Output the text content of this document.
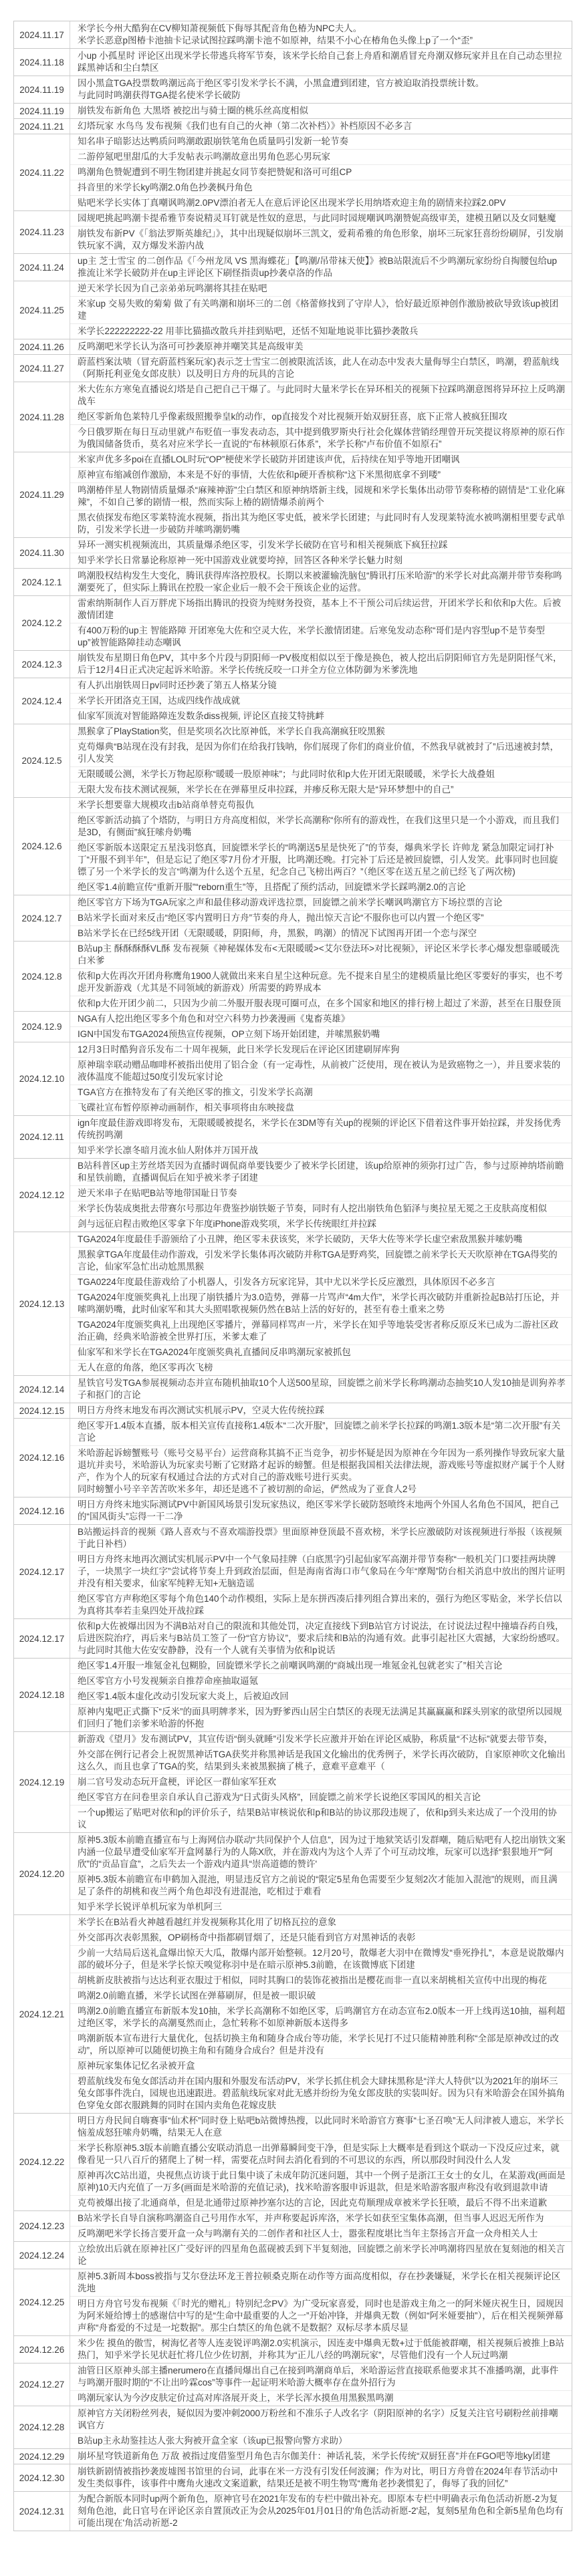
2024.11.17
米学长今州大酷狗在CV柳知萧视频低下侮辱其配音角色椿为NPC夫人。
米学长恶意p图椿卡池抽卡记录试图拉踩鸣潮卡池不如原神，结果不小心在椿角色头像上p了一个“歪”
2024.11.18
小up 小孤星时 评论区出现米学长带逃兵将军节奏，该米学长给自己套上舟盾和潮盾冒充舟潮双修玩家并且在自己动态里拉踩黑神话和尘白禁区
2024.11.19
因小黑盒TGA投票数鸣潮远高于绝区零引发米学长不满，小黑盒遭到团建，官方被迫取消投票统计数。
与此同时鸣潮获得TGA提名使米学长破防
2024.11.19	崩铁发布新角色 大黑塔 被挖出与骑士圈的桃乐丝高度相似
2024.11.21	幻塔玩家 水鸟鸟 发布视频《我们也有自己的火神（第二次补档）》补档原因不必多言
2024.11.22
知名串子暗影达达鸭质问鸣潮敢跟崩铁笔角色质量吗引发新一轮节奏
二游停氪吧里甜瓜的大手发帖表示鸣潮故意出男角色恶心男玩家
鸣潮角色赞妮遭到不明生物团建并挑起女同节奏把赞妮和洛可可组CP
抖音里的米学长ky鸣潮2.0角色抄袭枫丹角色
贴吧米学长实体丁真嘲讽鸣潮2.0PV漂泊者无人在意后评论区出现米学长用纳塔欢迎主角的剧情来拉踩2.0PV
2024.11.23
园规吧挑起鸣潮卡提希雅节奏说精灵耳钉就是性奴的意思，与此同时园规嘲讽鸣潮赞妮高级审美，建模丑陋以及女同魅魔
崩铁发布新PV《「翁法罗斯英雄纪」》，其中出现疑似崩坏三凯文，爱莉希雅的角色形象，崩坏三玩家狂喜纷纷刷屏，引发崩铁玩家不满，双方爆发米游内战
2024.11.24
up主 芝士雪宝 的二创作品《「今州龙凤 VS 黑海蝶花」【鸣潮/吊带袜天使】》被B站限流后不少鸣潮玩家纷纷自掏腰包给up推流让米学长破防并在up主评论区下刷怪指责up抄袭卓洛的作品
2024.11.25
逆天米学长因为自己亲弟弟玩鸣潮将其挂在贴吧
米家up 交易失败的菊菊 做了有关鸣潮和崩坏三的二创《格蕾修找到了守岸人》，恰好最近原神创作激励被砍导致该up被团建
米学长222222222-22 用菲比猫描改散兵并挂到贴吧，还恬不知耻地说菲比猫抄袭散兵
2024.11.26	反鸣潮吧米学长认为洛可可抄袭原神并嘲笑其是高级审美
2024.11.27
蔚蓝档案汰啧（冒充蔚蓝档案玩家)表示芝士雪宝二创被限流活该，此人在动态中发表大量侮辱尘白禁区，鸣潮，碧蓝航线（阿斯托利亚兔女郎皮肤）以及明日方舟的玩具的言论
2024.11.28
米大佐东方寒兔直播说幻塔是自己把自己干爆了。与此同时大量米学长在异环相关的视频下拉踩鸣潮意图将异环拉上反鸣潮战车
绝区零新角色莱特几乎像素级照搬拳皇k的动作，op直接发个对比视频开始双厨狂喜，底下正常人被疯狂围攻
今日俄罗斯在每日互动里就卢布贬值一事发表动态，其中提到俄罗斯央行社会化媒体营销经理曾开玩笑提议将原神的原石作为俄国储备货币，莫名对应米学长一直说的“布林顿原石体系”，米学长称“卢布价值不如原石”
2024.11.29
米家声优多多poi在直播LOL时玩“OP”梗使米学长破防并团建该声优，后持续在知乎等地开团嘲讽
原神宣布缩减创作激励，本来是不好的事情，大佐依和p硬开香槟称“这下米黑彻底拿不到喽”
鸣潮椿伴星人物剧情质量爆杀“麻辣神游”尘白禁区和原神纳塔新主线，园规和米学长集体出动带节奏称椿的剧情是“工业化麻辣”，不如自己爹的剧情一根，然而实际上椿的剧情爆杀前两个
黑衣侦探发布绝区零莱特流水视频，指出其为绝区零史低，被米学长团建；与此同时有人发现莱特流水被鸣潮相里要专武单防，引发米学长进一步破防并嗦鸣潮奶嘴
2024.11.30
异环一测实机视频流出，其质量爆杀绝区零，引发米学长破防在官号和相关视频底下疯狂拉踩
知乎米学长日常暴论称原神一死中国游戏业就要垮掉，回答区各种米学长魅力时刻
2024.12.1
鸣潮股权结构发生大变化，腾讯获得库洛控股权。长期以来被灌输洗脑包“腾讯打压米哈游”的米学长对此高潮并带节奏称鸣潮要死了，但实际上腾讯在控股一家企业后一般不会干预该企业的运营。
2024.12.2
雷索纳斯制作人百万胖虎下场指出腾讯的投资为纯财务投资，基本上不干预公司后续运营，开团米学长和依和p大佐。后被激情团建
有400万粉的up主 智能路障 开团寒兔大佐和空灵大佐，米学长激情团建。后寒兔发动态称“哥们是内容型up不是节奏型up”被智能路障挂动态嘲讽
2024.12.3
崩铁发布星期日角色PV，其中多个片段与阴阳师一PV极度相似以至于像是换色，被人挖出后阴阳师官方先是阴阳怪气米，后于12月4日正式决定起诉米哈游。米学长传统反咬一口并全方位立体防御为米爹洗地
2024.12.4
有人扒出崩铁周日pv同时还抄袭了第五人格某分镜
米学长开团洛克王国，达成四线作战成就
仙家军顶流对智能路障连发数条diss视频, 评论区直接艾特挑衅
2024.12.5
黑猴拿了PlayStation奖，但是奖项名次比原神低，米学长自我高潮疯狂咬黑猴
克苟爆典“B站现在没有封我，是因为你们在给我打钱呐，你们展现了你们的商业价值，不然我早就被封了”后迅速被封禁，引人发笑
无限暖暖公测，米学长万物起原称“暖暖一股原神味”；与此同时依和p大佐开团无限暖暖，米学长大战叠姐
无限大发布技术测试视频，米学长在在弹幕里反串拉踩，并瘆反称无限大是“异环梦想中的自己”
2024.12.6
米学长想要靠大规模攻击b站商单替克苟报仇
绝区零新活动搞了个塔防，与明日方舟高度相似，米学长高潮称“你所有的游戏性，在我们这里只是一个小游戏，而且我们是3D，有侧面”疯狂嗦舟奶嘴
绝区零新版本送限定五星浅羽悠真，回旋镖米学长的“鸣潮送5星是快死了”的节奏，爆典米学长 许帅龙 紧急加限定词打补丁“开服不到半年”，但是忘记了绝区零7月份才开服，比鸣潮还晚。打完补丁后还是被回旋镖，引人发笑。此事同时也回旋镖了另一个米学长的发言“鸣潮为什么送个五星，纪念自己飞榜出两百？”（绝区零在送五星之前已经飞了两次榜)
绝区零1.4前瞻宣传“重新开服”“reborn重生”等，且搭配了预约活动，回旋镖米学长踩鸣潮2.0的言论
2024.12.7
绝区零官方下场为TGA玩家之声和最佳移动游戏评选拉票，回旋镖之前米学长嘲讽鸣潮官方下场拉票的言论
B站米学长面对来反击“绝区零内置明日方舟”节奏的舟人，抛出惊天言论“不服你也可以内置一个绝区零”
B站米学长在已经5线开团（无限暖暖，阴阳师，舟，黑猴，鸣潮）的情况下试图再开团一个恋与深空
2024.12.8
B站up主 酥酥酥酥VL酥 发布视频《神秘媒体发布<无限暖暖><艾尔登法环>对比视频》，评论区米学长孝心爆发想靠暖暖洗白米爹
依和p大佐再次开团舟称鹰角1900人就做出来来自星尘这种玩意。先不提来自星尘的建模质量比绝区零要好的事实，也不考虑开发新游戏（尤其是不同领域的新游戏）所需要的跨界成本
依和p大佐开团少前二，只因为少前二外服开服表现可圈可点，在多个国家和地区的排行榜上超过了米游，甚至在日服登顶
2024.12.9
NGA有人挖出绝区零多个角色和对空六科势力抄袭漫画《鬼畜英雄》
IGN中国发布TGA2024预热宣传视频，OP立刻下场开始团建，并嗦黑猴奶嘴
2024.12.10
12月3日时酷狗音乐发布二十周年视频，此日米学长发现后在评论区团建刷屏库狗
原神瑞幸联动赠品咖啡杯被指出使用了铝合金（有一定毒性，从前被广泛使用，现在被认为是致癌物之一），并且要求装的液体温度不能超过50度引发玩家讨论
TGA官方在推特发布了有关绝区零的推文，引发米学长高潮
飞碟社宣布暂停原神动画制作，相关事项将由东映接盘
2024.12.11
ign年度最佳游戏即将发布，无限暖暖被提名，米学长在3DM等有关up的视频的评论区下借着这件事开始拉踩，并发扬优秀传统拐鸣潮
知乎米学长凛冬暗月流水仙人附体并万国开战
2024.12.12
B站科普区up主芳丝塔芙因为直播时调侃商单要钱要少了被米学长团建，该up给原神的须弥打过广告，参与过原神纳塔前瞻和星铁前瞻，直播调侃后在知乎被米孝子团建
逆天米串子在贴吧B站等地带国耻日节奏
米学长伪装成奥批去带赛尔号那边年费鉴抄崩铁姬子节奏，同时有人挖出崩铁角色貊泽与奥拉星无冕之王皮肤高度相似
剑与远征启程击败绝区零拿下年度iPhone游戏奖项，米学长传统眼红并拉踩
2024.12.13
TGA2024年度最佳手游颁给了小丑牌，绝区零未获该奖，米学长破防，天华大佐等米学长虚空索敌黑猴并嗦奶嘴
黑猴拿TGA年度最佳动作游戏，引发米学长集体再次破防并称TGA是野鸡奖，回旋镖之前米学长天天吹原神在TGA得奖的言论，仙家军急忙出动尬黑黑猴
TGA0224年度最佳游戏给了小机器人，引发各方玩家诧异，其中尤以米学长反应激烈，具体原因不必多言
TGA2024年度颁奖典礼上出现了崩铁播片为3.0造势，弹幕一片骂声“4m大作”，米学长再次破防并重新捡起B站打压论，并嗦鸣潮奶嘴，此时仙家军和其大头照唱歌视频仍然在B站上活的好好的，甚至有卷土重来之势
TGA2024年度颁奖典礼上出现绝区零播片，弹幕同样骂声一片，米学长在知乎等地装受害者称反原反米已成为二游社区政治正确，经典米哈游被全世界打压，米爹太难了
仙家军和米学长在TGA2024年度颁奖典礼直播间反串鸣潮玩家被抓包
无人在意的角落，绝区零再次飞榜
2024.12.14
星铁官号发TGA参展视频动态并宣布随机抽取10个人送500星琼，回旋镖之前米学长称鸣潮动态抽奖10人发10抽是训狗养孝子和抠门的言论
2024.12.15	明日方舟终末地发布再次测试实机展示PV，空灵大佐传统拉踩
2024.12.16
绝区零开1.4版本直播，版本相关宣传直接称1.4版本“二次开服”，回旋镖之前米学长拉踩的鸣潮1.3版本是“第二次开服”有关言论
米哈游起诉螃蟹账号（账号交易平台）运营商称其搞不正当竞争，初步怀疑是因为原神在今年因为一系列操作导致玩家大量退坑并卖号，米哈游认为玩家卖号断了它财路才起诉的螃蟹。但是根据我国相关法律法规，游戏账号等虚拟财产属于个人财产，作为个人的玩家有权通过合法的方式对自己的游戏账号进行买卖。
同时螃蟹小号辛辛苦苦吹米多年，却还是逃不了被切割的命运，俨然成为了亚食人2号
2024.12.16
明日方舟终末地实际测试PV中新国风场景引发玩家热议，绝区零米学长破防怒喷终末地两个外国人名角色不国风，把自己的“国风街头”忘得一干二净
2024.12.17
B站搬运抖音的视频《路人喜欢与不喜欢端游投票》里面原神登顶最不喜欢榜，米学长应激破防对该视频进行举报（该视频于此日补档）
明日方舟终末地再次测试实机展示PV中一个气象局挂牌（白底黑字)引起仙家军高潮并带节奏称“一般机关门口要挂两块牌子，一块黑字一块红字”尝试将节奏上升到政治层面，但是海南省海口市气象局在今年“摩羯”防台相关消息中放出的图片证明并没有相关要求，仙家军纯粹无知+无脑造谣
绝区零官方声称绝区零每个角色140个动作模组，实际上是东拼西凑后排列组合算出来的，强行为绝区零贴金，米学长信以为真将其奉若圭臬四处开战拉踩
2024.12.17
依和p大佐被爆出因为不满B站对自己的限流和其他处罚，决定直接线下到B站官方讨说法，在讨说法过程中撞墙吞药自残，后进医院治疗，再后来与B站员工签了一份“官方协议”，要求后续和B站的沟通有效。此事引起社区大震撼，大家纷纷感叹。与此同时其他大佐安安静静，没有一个人就有关事情为依和p说话
2024.12.18
绝区零1.4开服一堆氪金礼包糊脸，回旋镖米学长之前嘲讽鸣潮的“商城出现一堆氪金礼包就老实了”相关言论
绝区零官方小号发视频亲自推荐命座抽取逼氪
绝区零1.4版本虚化改动引发玩家大炎上，后被迫改回
原神内鬼吧正式撕下“反米”的面具明牌孝米，因为野爹西山居尘白禁区的表现无法满足其赢赢赢和踩头别家的欲望所以园规们回归了牠们亲爹米哈游的怀抱
2024.12.19
新游戏《望月》发布测试PV，其宣传语“倒头就睡”引发米学长应激并开始在评论区威胁，称质量“不达标”就要去带节奏，
外交部在例行记者会上祝贺黑神话TGA获奖并称黑神话是我国文化输出的优秀例子，米学长再次破防，自家原神吹文化输出这么久，而且也拿了TGA的奖，结果到头来被黑猴摘了桃子，意难平意难平（
崩二官号发动态玩开盒梗，评论区一群仙家军狂欢
绝区零官方在问卷里亲自承认自己游戏为“日式街头风格”，回旋镖之前米学长说绝区零国风的相关言论
一个up搬运了贴吧对依和p的评价乐子，结果B站审核说依和p和B站的协议那段违规了，依和p到头来达成了一个没用的协议
2024.12.20
原神5.3版本前瞻直播宣布与上海网信办联动“共同保护个人信息”，因为过于地狱笑话引发群嘲，随后贴吧有人挖出崩铁文案内涵一位最早遭受仙家军开盒网暴行为的人陈X欣，并在游戏内为这个人弄了个可互动坟堆，玩家可以选择“狠狠地开”“阿欣”的“贡品盲盒”，之后失去一个游戏内道具“崇高道德的赞许'
原神5.3版本前瞻宣布申鹤加入混池，明显违反官方之前说的“限定5星角色需要至少复刻2次才能加入混池”的规则，而且满足了条件的胡桃和夜兰两个角色却没有进混池，吃相过于难看
知乎米学长锐评单机玩家为单机阿三
2024.12.21
米学长在B站看火神越看越红并发视频称其化用了切格瓦拉的意象
外交部再次表彰黑猴，OP刷杨奇中指都刷冒烟了，还是只能看到官方对黑神话的表彰
少前一大结局后送礼盒爆出惊天大瓜，散爆内部开始整顿。12月20号，散爆老大羽中在微博发“垂死挣扎”，本意是说散爆内部的破坏分子，但是米学长惊天嗅觉称羽中是在暗示原神5.3前瞻，在该微博底下团建
胡桃新皮肤被指与达达利亚衣服过于相似，同时其胸口的装饰花被指出是樱花而非一直以来胡桃相关宣传中出现的梅花
鸣潮2.0前瞻直播，米学长试图在弹幕刷屏，但是被一眼识破
鸣潮2.0前瞻直播宣布新版本发10抽，米学长高潮称不如绝区零，后鸣潮官方在动态宣布2.0版本一开上线再送10抽，福利超过绝区零，米学长的高潮戛然而止，急忙转称不如原神新版本送得多
鸣潮新版本宣布进行大量优化，包括切换主角和随身合成台等功能，米学长见打不过只能精神胜利称“全部是原神改过的改动”，所以原神可以随便切换主角和有随身合成台？但是并没有
原神玩家集体记忆名录被开盒
碧蓝航线发布兔女郎活动并在国内服和外服发布活动PV，米学长抓住机会大肆抹黑称是“洋大人特供”以为2021年的崩坏三兔女郎事件洗白，园规也迅速跟进。碧蓝航线玩家对此无感并纷纷为兔女郎皮肤的实装叫好。因为只有米哈游会在国外搞角色穿兔女郎衣服跳舞的同时在国内卖角色花嫁皮肤
2024.12.22
明日方舟民间自嗨赛事“仙术杯”同时登上贴吧b站微博热搜，以此同时米哈游官方赛事“七圣召唤”无人问津被人遗忘，米学长恼羞成怒狂嗦舟奶嘴，结果无人在意
米学长称原神5.3版本前瞻直播公安联动消息一出弹幕瞬间变干净，但是实际上大概率是看到这个联动一下没反应过来，就像看见一只八百斤的猪爬上了树一样，需要花点时间去消化看到的不可思议的东西，所以那段时间没什么人发
原神再次C站出道，央视焦点访谈于此日集中谈了未成年防沉迷问题，其中一个例子是浙江王女士的女儿，在某游戏(画面是原神)10天内充值了一万多(画面是米哈游的充值记录)，找米哈游客服申诉退款，但是米哈游客服声称没有收到退款申请
克苟被爆出接了北通商单，但是北通带过原神抄塞尔达的言论，因此克苟顺理成章被米学长狂喷，最后不得不出来道歉
2024.12.23
B站米学长自导自演称鸣潮盗自己号用作水军，并声称要起诉库洛，米学长如获至宝集体高潮，但当事人迟迟无所作为
反鸣潮吧米学长扬言要开盒一众与鸣潮有关的二创作者和社区人士，嚣张程度堪比当年主祭扬言开盒一众舟相关人士
2024.12.24
立绘放出后就在原神社区广受好评的四星角色蓝砚被丢到下半复刻池，回旋镖之前米学长冲鸣潮将四星放在复刻池的相关言论
2024.12.25
原神5.3新周本boss被指与艾尔登法环龙王普拉顿桑克斯在动作等方面高度相似，存在抄袭嫌疑，米学长在相关视频评论区洗地
明日方舟官号发布视频《「时光的赠礼」特别纪念PV》为广受玩家喜爱，同时也是游戏主角之一的阿米娅庆祝生日，园规因为阿米娅给博士的感谢信中写的是“生命中最重要的人之一”开始冲锋，并爆典无数（例如“阿米娅要抽”），后在相关视频弹幕声称“舟畜爱的不过是一坨数据”。那尘白禁区的角色就不是数据？双标尽孝本质尽显
2024.12.26
米少佐 摸鱼的傲雪，树海忆者等人连麦锐评鸣潮2.0实机演示，因连麦中爆典无数+过于低能被群嘲，相关视频后被推上B站热门，知乎米学长见状赶忙将几位少佐切割，并称其为“正儿八经的鸣潮玩家”，尽管他们没有一个人玩过鸣潮
2024.12.27
油管日区原神头部主播nerumero在直播间爆出自己在接到鸣潮商单后，米哈游运营直接联系他要求其不准播鸣潮，此事件与鸣潮开服时期的“不让出吟霖cos”等事件一起证明米哈游大概率存在盘外招行为
鸣潮玩家认为今汐皮肤定价过高对库洛展开炎上，米学长浑水摸鱼用黑猴黑鸣潮
2024.12.28
原神官方关闭粉丝列表，疑似因为要冲刺2000万粉丝和不准乐子人改名字（阴阳原神的名字）反复关注官号刷粉丝前排嘲讽官方
B站up主永劫鉴挂达人张大狗被开盒全家（该up已报警向警方求助）
2024.12.29	崩坏星穹铁道新角色 万敌 被指过度借鉴型月角色吉尔伽美什：神话礼装，米学长传统“双厨狂喜”并在FGO吧等地ky团建
2024.12.30
崩铁新剧情被指抄袭废墟图书馆里的台词，此事在米一方没有引发任何波澜；作为对比，明日方舟曾在2024年春节活动中发生类似事件，该事件中鹰角火速改文案道歉，结果还是被不明生物骂“鹰角老抄袭惯犯了，侮辱了我的回忆”
2024.12.31
为配合新版本同时up两个新角色，原神官号在2021年发布的专栏中做出补充。即原本专栏中明确表示角色活动祈愿-2为复刻角色池，此日官号在评论区亲自置顶改正为会从2025年01月01日的'角色活动祈愿-2'起，复刻5星角色和全新5星角色均有可能出现在'角活动祈愿-2
